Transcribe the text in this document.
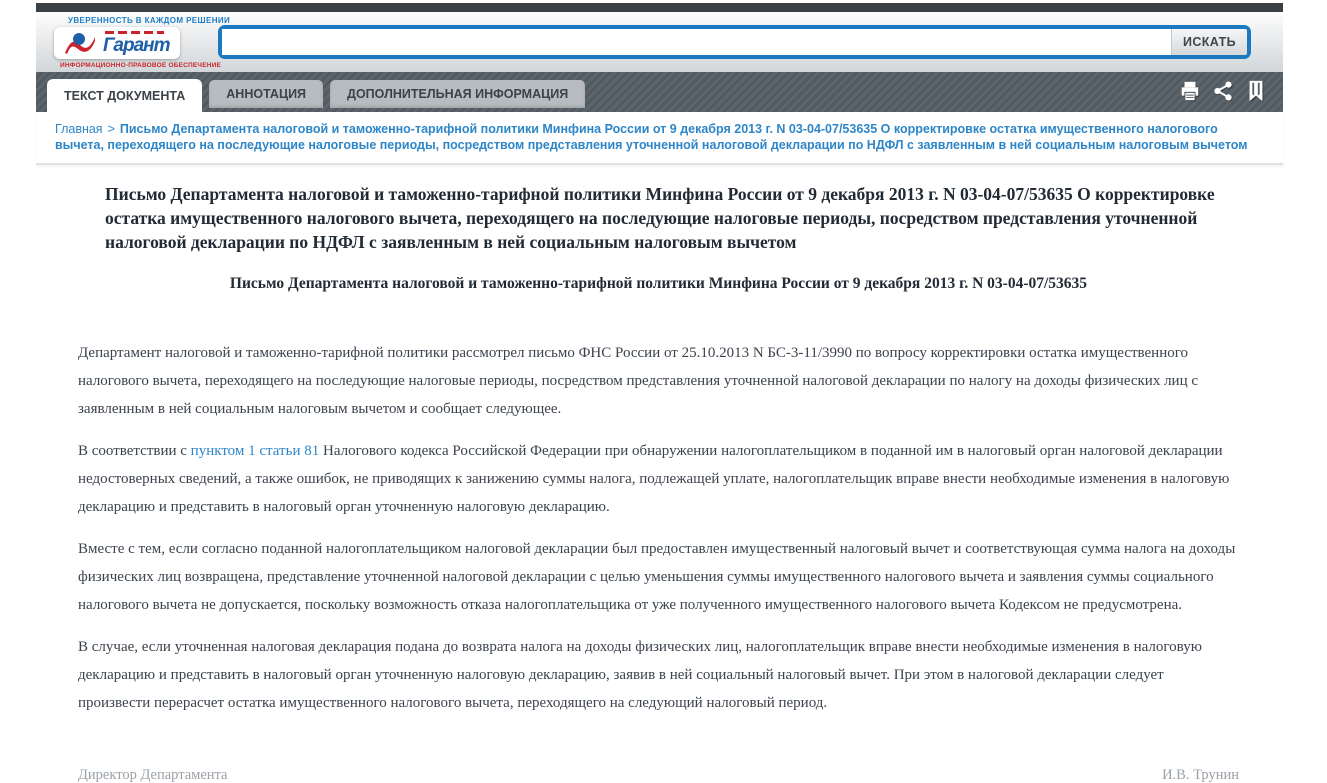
УВЕРЕННОСТЬ В КАЖДОМ РЕШЕНИИ
Гарант
ИНФОРМАЦИОННО-ПРАВОВОЕ ОБЕСПЕЧЕНИЕ
ИСКАТЬ
ТЕКСТ ДОКУМЕНТА	АННОТАЦИЯ	ДОПОЛНИТЕЛЬНАЯ ИНФОРМАЦИЯ
Главная > Письмо Департамента налоговой и таможенно-тарифной политики Минфина России от 9 декабря 2013 г. N 03-04-07/53635 О корректировке остатка имущественного налогового вычета, переходящего на последующие налоговые периоды, посредством представления уточненной налоговой декларации по НДФЛ с заявленным в ней социальным налоговым вычетом
Письмо Департамента налоговой и таможенно-тарифной политики Минфина России от 9 декабря 2013 г. N 03-04-07/53635 О корректировке остатка имущественного налогового вычета, переходящего на последующие налоговые периоды, посредством представления уточненной налоговой декларации по НДФЛ с заявленным в ней социальным налоговым вычетом
Письмо Департамента налоговой и таможенно-тарифной политики Минфина России от 9 декабря 2013 г. N 03-04-07/53635

Департамент налоговой и таможенно-тарифной политики рассмотрел письмо ФНС России от 25.10.2013 N БС-3-11/3990 по вопросу корректировки остатка имущественного налогового вычета, переходящего на последующие налоговые периоды, посредством представления уточненной налоговой декларации по налогу на доходы физических лиц с заявленным в ней социальным налоговым вычетом и сообщает следующее.

В соответствии с пунктом 1 статьи 81 Налогового кодекса Российской Федерации при обнаружении налогоплательщиком в поданной им в налоговый орган налоговой декларации недостоверных сведений, а также ошибок, не приводящих к занижению суммы налога, подлежащей уплате, налогоплательщик вправе внести необходимые изменения в налоговую декларацию и представить в налоговый орган уточненную налоговую декларацию.

Вместе с тем, если согласно поданной налогоплательщиком налоговой декларации был предоставлен имущественный налоговый вычет и соответствующая сумма налога на доходы физических лиц возвращена, представление уточненной налоговой декларации с целью уменьшения суммы имущественного налогового вычета и заявления суммы социального налогового вычета не допускается, поскольку возможность отказа налогоплательщика от уже полученного имущественного налогового вычета Кодексом не предусмотрена.

В случае, если уточненная налоговая декларация подана до возврата налога на доходы физических лиц, налогоплательщик вправе внести необходимые изменения в налоговую декларацию и представить в налоговый орган уточненную налоговую декларацию, заявив в ней социальный налоговый вычет. При этом в налоговой декларации следует произвести перерасчет остатка имущественного налогового вычета, переходящего на следующий налоговый период.

Директор Департамента	И.В. Трунин
